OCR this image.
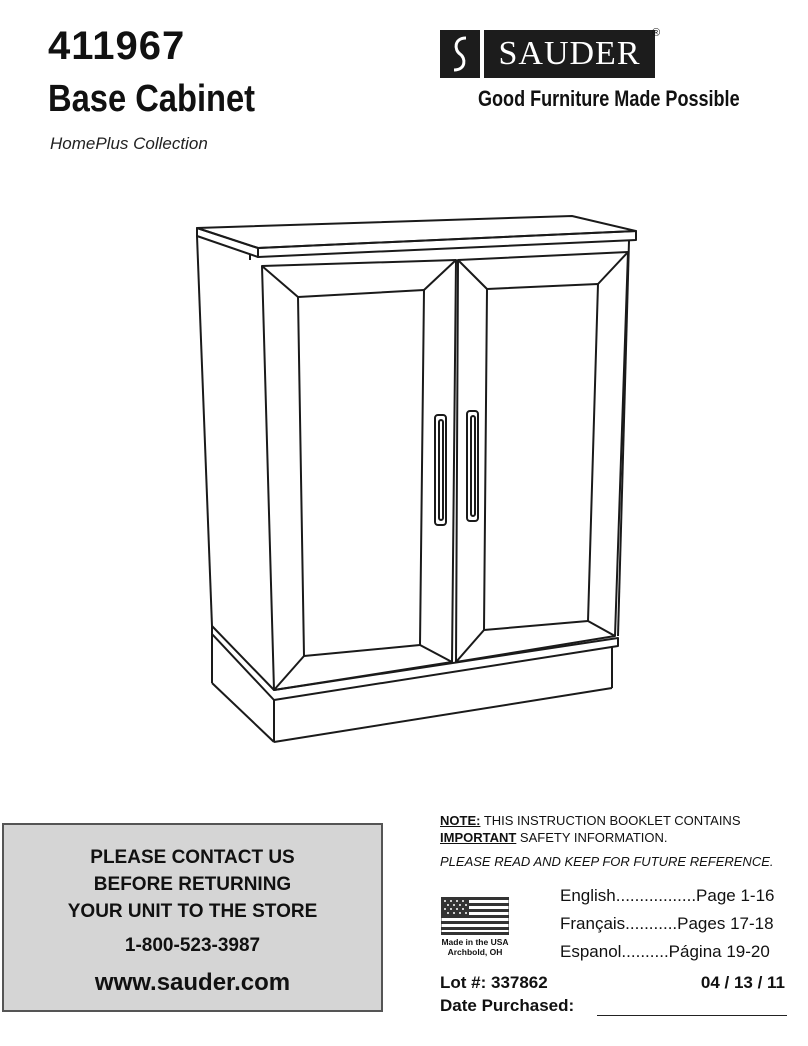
411967
Base Cabinet
HomePlus Collection
SAUDER
®
Good Furniture Made Possible
PLEASE CONTACT US
BEFORE RETURNING
YOUR UNIT TO THE STORE
1-800-523-3987
www.sauder.com
NOTE: THIS INSTRUCTION BOOKLET CONTAINS
IMPORTANT SAFETY INFORMATION.
PLEASE READ AND KEEP FOR FUTURE REFERENCE.
Made in the USA
Archbold, OH
English.................Page 1-16
Français...........Pages 17-18
Espanol..........Página 19-20
Lot #: 337862	04 / 13 / 11
Date Purchased:
